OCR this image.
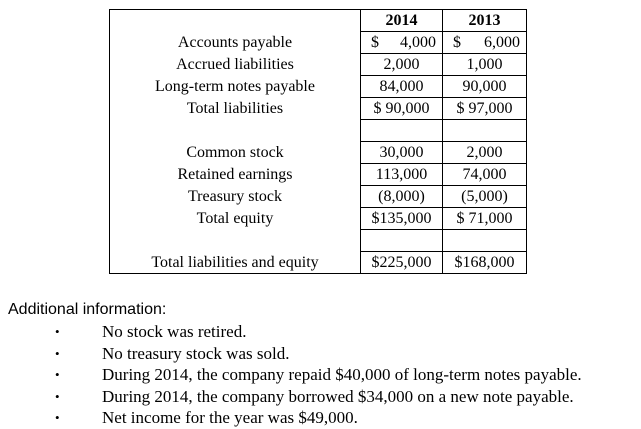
	2014	2013
Accounts payable	$ 4,000	$ 6,000

Accrued liabilities	2,000	1,000
Long-term notes payable	84,000	90,000
Total liabilities	$ 90,000	$ 97,000

Common stock	30,000	2,000
Retained earnings	113,000	74,000
Treasury stock	(8,000)	(5,000)
Total equity	$135,000	$ 71,000

Total liabilities and equity	$225,000	$168,000
Additional information:
• No stock was retired.
• No treasury stock was sold.
• During 2014, the company repaid $40,000 of long-term notes payable.
• During 2014, the company borrowed $34,000 on a new note payable.
• Net income for the year was $49,000.
